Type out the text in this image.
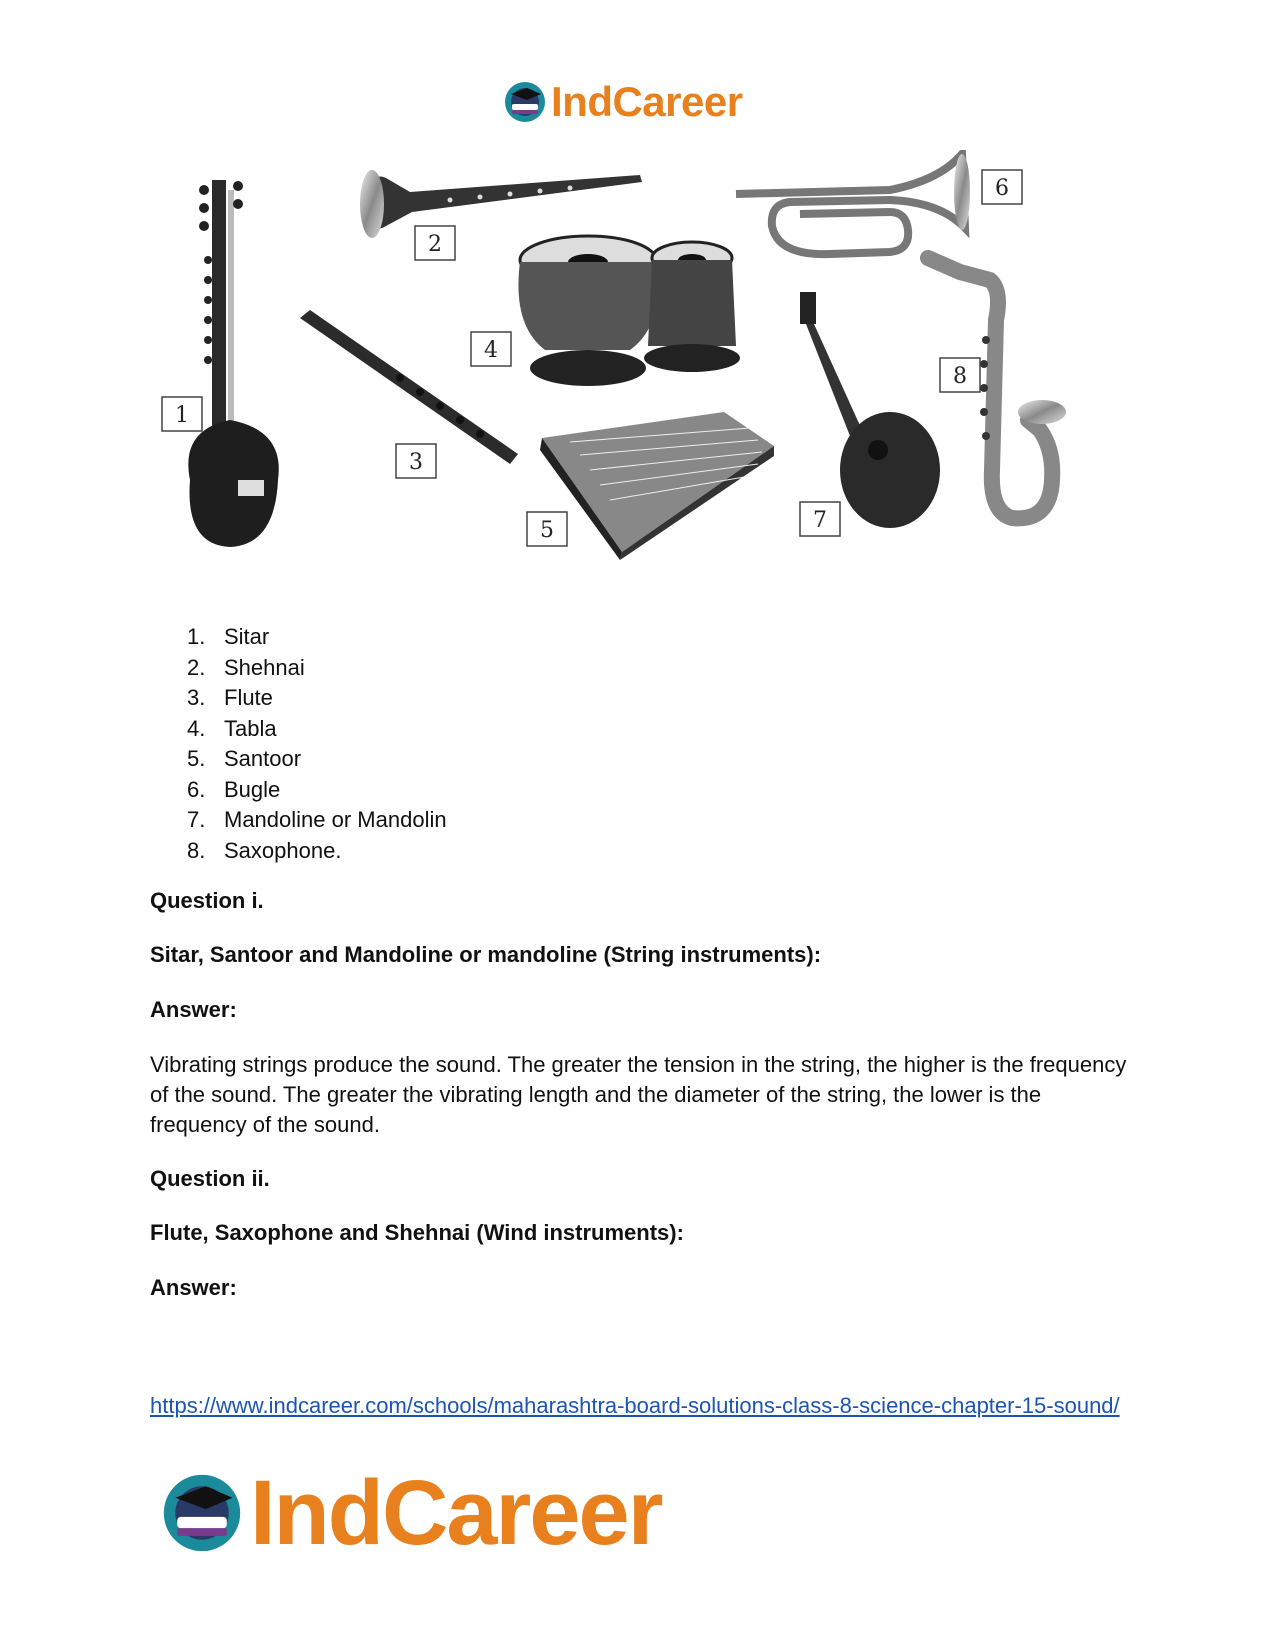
IndCareer
1
2
3
4
5
6
7
8
1. Sitar
2. Shehnai
3. Flute
4. Tabla
5. Santoor
6. Bugle
7. Mandoline or Mandolin
8. Saxophone.
Question i.
Sitar, Santoor and Mandoline or mandoline (String instruments):
Answer:
Vibrating strings produce the sound. The greater the tension in the string, the higher is the frequency of the sound. The greater the vibrating length and the diameter of the string, the lower is the frequency of the sound.
Question ii.
Flute, Saxophone and Shehnai (Wind instruments):
Answer:
https://www.indcareer.com/schools/maharashtra-board-solutions-class-8-science-chapter-15-sound/
IndCareer
